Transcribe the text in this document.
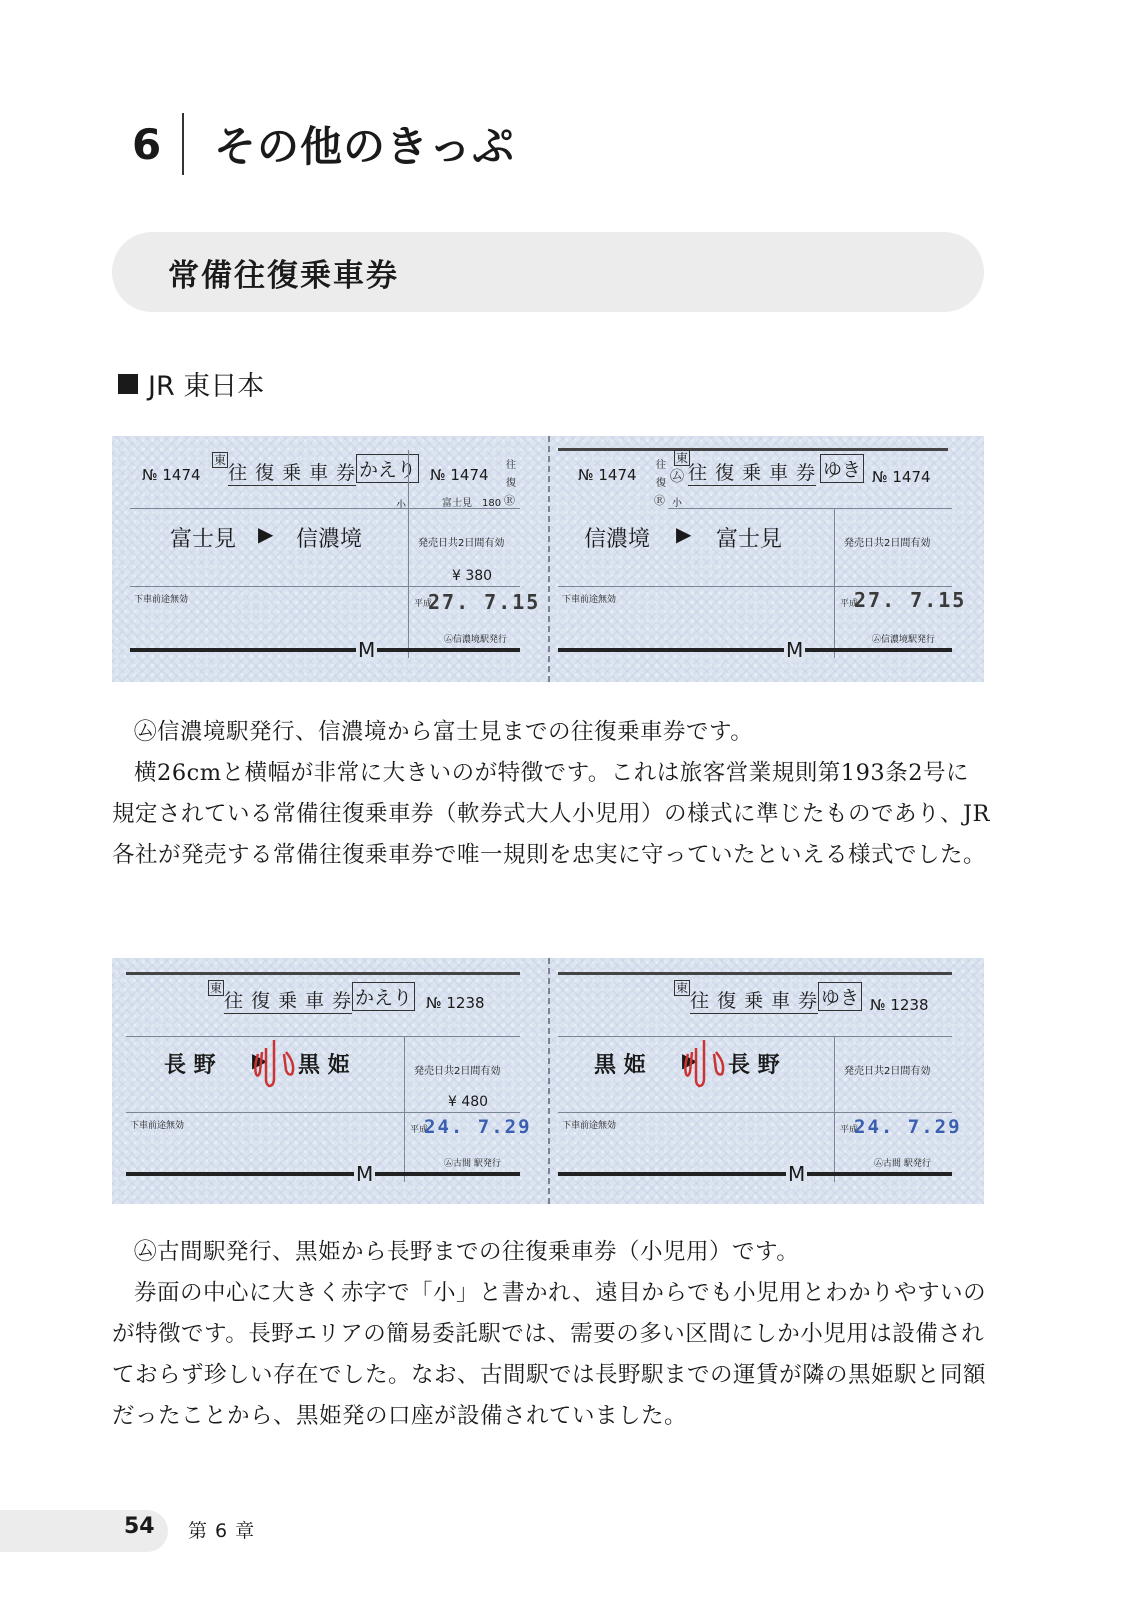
6	その他のきっぷ
常備往復乗車券
JR 東日本
№ 1474
東
往 復 乗 車 券 かえり № 1474
往
復
小	富士見　180 Ⓡ
富士見 ▶ 信濃境	発売日共2日間有効
¥ 380
下車前途無効	平成
27. 7.15
㋰信濃境駅発行
M
№ 1474
往
復
Ⓡ
東
㋰ 往 復 乗 車 券 ゆき № 1474
小
信濃境 ▶ 富士見	発売日共2日間有効
下車前途無効	平成
27. 7.15
㋰信濃境駅発行
M

㋰信濃境駅発行、信濃境から富士見までの往復乗車券です。

横26cmと横幅が非常に大きいのが特徴です。これは旅客営業規則第193条2号に規定されている常備往復乗車券（軟券式大人小児用）の様式に準じたものであり、JR各社が発売する常備往復乗車券で唯一規則を忠実に守っていたといえる様式でした。

東
往 復 乗 車 券 かえり № 1238
長 野 ▶ 黒 姫	発売日共2日間有効
¥ 480
下車前途無効	平成
24. 7.29
㋰古間 駅発行
M
東
往 復 乗 車 券 ゆき № 1238
黒 姫 ▶ 長 野	発売日共2日間有効
下車前途無効	平成
24. 7.29
㋰古間 駅発行
M

㋰古間駅発行、黒姫から長野までの往復乗車券（小児用）です。

券面の中心に大きく赤字で「小」と書かれ、遠目からでも小児用とわかりやすいのが特徴です。長野エリアの簡易委託駅では、需要の多い区間にしか小児用は設備されておらず珍しい存在でした。なお、古間駅では長野駅までの運賃が隣の黒姫駅と同額だったことから、黒姫発の口座が設備されていました。

54 第 6 章
